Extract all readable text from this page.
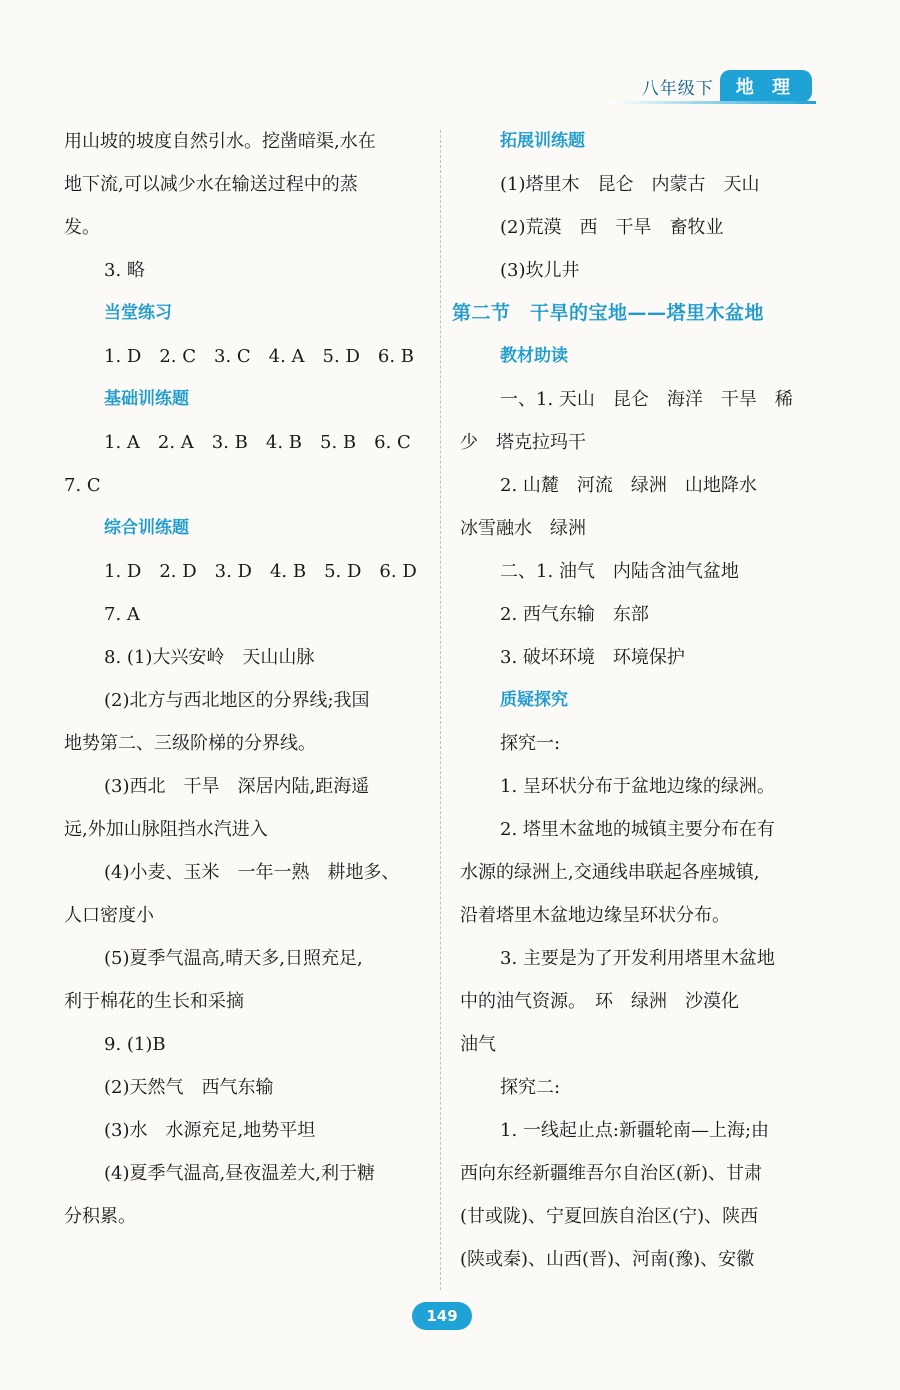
八年级下	地 理
用山坡的坡度自然引水。挖凿暗渠,水在
地下流,可以减少水在输送过程中的蒸
发。
3. 略
当堂练习
1. D　2. C　3. C　4. A　5. D　6. B
基础训练题
1. A　2. A　3. B　4. B　5. B　6. C
7. C
综合训练题
1. D　2. D　3. D　4. B　5. D　6. D
7. A
8. (1)大兴安岭　天山山脉
(2)北方与西北地区的分界线;我国
地势第二、三级阶梯的分界线。
(3)西北　干旱　深居内陆,距海遥
远,外加山脉阻挡水汽进入
(4)小麦、玉米　一年一熟　耕地多、
人口密度小
(5)夏季气温高,晴天多,日照充足,
利于棉花的生长和采摘
9. (1)B
(2)天然气　西气东输
(3)水　水源充足,地势平坦
(4)夏季气温高,昼夜温差大,利于糖
分积累。
拓展训练题
(1)塔里木　昆仑　内蒙古　天山
(2)荒漠　西　干旱　畜牧业
(3)坎儿井
第二节　干旱的宝地——塔里木盆地
教材助读
一、1. 天山　昆仑　海洋　干旱　稀
少　塔克拉玛干
2. 山麓　河流　绿洲　山地降水
冰雪融水　绿洲
二、1. 油气　内陆含油气盆地
2. 西气东输　东部
3. 破坏环境　环境保护
质疑探究
探究一:
1. 呈环状分布于盆地边缘的绿洲。
2. 塔里木盆地的城镇主要分布在有
水源的绿洲上,交通线串联起各座城镇,
沿着塔里木盆地边缘呈环状分布。
3. 主要是为了开发利用塔里木盆地
中的油气资源。　环　绿洲　沙漠化
油气
探究二:
1. 一线起止点:新疆轮南—上海;由
西向东经新疆维吾尔自治区(新)、甘肃
(甘或陇)、宁夏回族自治区(宁)、陕西
(陕或秦)、山西(晋)、河南(豫)、安徽
149
